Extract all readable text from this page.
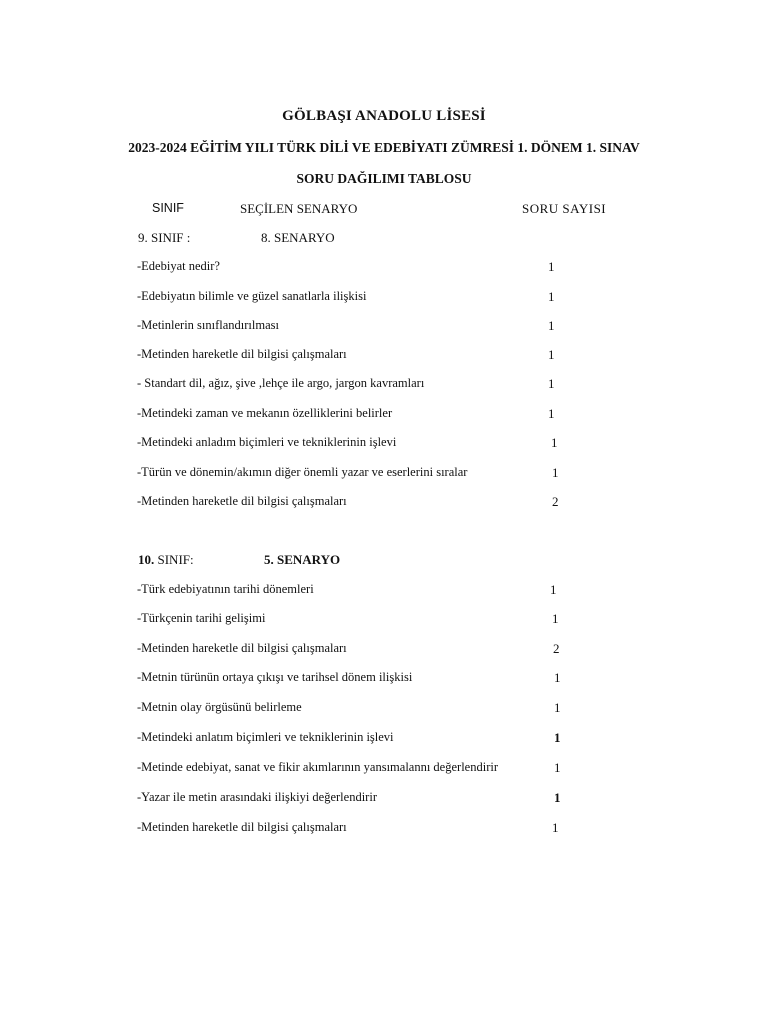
GÖLBAŞI ANADOLU LİSESİ
2023-2024 EĞİTİM YILI TÜRK DİLİ VE EDEBİYATI ZÜMRESİ 1. DÖNEM 1. SINAV
SORU DAĞILIMI TABLOSU
SINIF	SEÇİLEN SENARYO	SORU SAYISI
9. SINIF :	8. SENARYO
-Edebiyat nedir?	1
-Edebiyatın bilimle ve güzel sanatlarla ilişkisi	1
-Metinlerin sınıflandırılması	1
-Metinden hareketle dil bilgisi çalışmaları	1
- Standart dil, ağız, şive ,lehçe ile argo, jargon kavramları	1
-Metindeki zaman ve mekanın özelliklerini belirler	1
-Metindeki anladım biçimleri ve tekniklerinin işlevi	1
-Türün ve dönemin/akımın diğer önemli yazar ve eserlerini sıralar	1
-Metinden hareketle dil bilgisi çalışmaları	2
10. SINIF:	5. SENARYO
-Türk edebiyatının tarihi dönemleri	1
-Türkçenin tarihi gelişimi	1
-Metinden hareketle dil bilgisi çalışmaları	2
-Metnin türünün ortaya çıkışı ve tarihsel dönem ilişkisi	1
-Metnin olay örgüsünü belirleme	1
-Metindeki anlatım biçimleri ve tekniklerinin işlevi	1
-Metinde edebiyat, sanat ve fikir akımlarının yansımalannı değerlendirir	1
-Yazar ile metin arasındaki ilişkiyi değerlendirir	1
-Metinden hareketle dil bilgisi çalışmaları	1
